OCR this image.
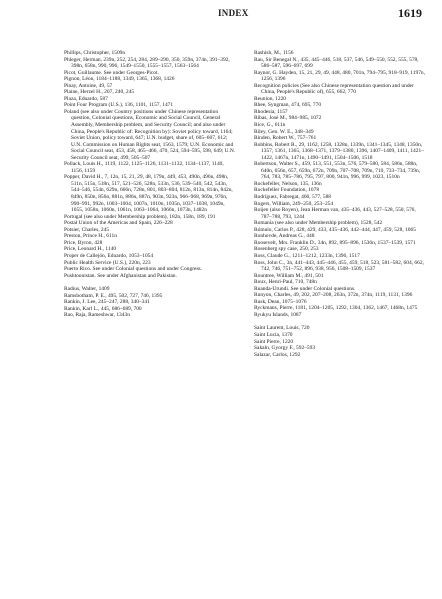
INDEX	1619

Phillips, Christopher, 1509n

Phleger, Herman, 239n, 252, 254, 284, 289–290, 350, 359n, 374n, 391–392, 398n, 658n, 990, 996, 1549–1550, 1555–1557, 1563–1564

Picot, Guillaume. See under Georges-Picot.

Pignon, Léon, 1184–1188, 1349, 1365, 1368, 1426

Pinay, Antoine, 49, 57

Plaine, Herzel H., 207, 240, 245

Plaza, Eduardo, 587

Point Four Program (U.S.), 136, 1101, 1157, 1471

Poland (see also under Country positions under Chinese representation question, Colonial questions, Economic and Social Council, General Assembly, Membership problem, and Security Council; and also under China, People's Republic of: Recognition by): Soviet policy toward, 1164; Soviet Union, policy toward, 647; U.N. budget, share of, 605–607, 612; U.N. Commission on Human Rights seat, 1563, 1579; U.N. Economic and Social Council seat, 453, 458, 465–466, 470, 524, 594–595, 598, 649; U.N. Security Council seat, 499, 505–507

Pollack, Louis H., 1119, 1122, 1125–1126, 1131–1132, 1134–1137, 1140, 1156, 1159

Popper, David H., 7, 12n, 15, 21, 29, 48, 179n, 449, 453, 490n, 496n, 498n, 511n, 515n, 518n, 517, 521–526, 528n, 533n, 536, 539–540, 542, 543n, 544–546, 554n, 629n, 666n, 728n, 801, 803–804, 812n, 813n, 814n, 842n, 849n, 850n, 856n, 881n, 886n, 887n, 903n, 923n, 966–968, 969n, 976n, 990–991, 992n, 1003–1004, 1007n, 1010n, 1035n, 1037–1038, 1049n, 1055, 1058n, 1060n, 1061n, 1063–1064, 1066n, 1073n, 1482n

Portugal (see also under Membership problem), 182n, 158n, 189, 191

Postal Union of the Americas and Spain, 226–228

Potsier, Charles, 245

Preston, Prince H., 611n

Price, Byron, 428

Price, Leonard H., 1140

Proper de Callejón, Eduardo, 1053–1054

Public Health Service (U.S.), 220n, 223

Puerto Rico. See under Colonial questions and under Congress.

Pushtoonistan. See under Afghanistan and Pakistan.

Radius, Walter, 1409

Ramsbotham, P. E., 495, 502, 727, 746, 1395

Rankin, J. Lee, 245–247, 288, 340–341

Rankin, Karl L., 445, 686–689, 700

Rao, Raja, Rameshwar, 1343n

Rashish, M., 1156

Rau, Sir Benegal N., 435, 445–446, 518, 537, 546, 549–550, 552, 555, 578, 586–587, 596–697, 699

Raynor, G. Hayden, 15, 21, 29, 49, 448, 480, 701n, 794–795, 918–919, 1197n, 1256, 1396

Recognition policies (See also Chinese representation question and under China, People's Republic of), 655, 662, 770

Reunion, 1220

Rhee, Syngman, 474, 695, 770

Rhodesia, 1157

Ribas, José M., 984–985, 1072

Rice, G., 611n

Riley, Gen. W. E., 348–349

Rinden, Robert W., 757–761

Robbins, Robert R., 29, 1162, 1258, 1328n, 1339n, 1341–1345, 1348, 1350n, 1357, 1361, 1365, 1368–1371, 1379–1380, 1396, 1407–1409, 1411, 1421–1422, 1467n, 1471n, 1490–1491, 1504–1506, 1518

Robertson, Walter S., 459, 513, 551, 553n, 576, 579–580, 584, 586n, 588n, 640n, 656n, 657, 659n, 672n, 709n, 707–708, 709n, 710, 733–734, 739n, 764, 783, 785–786, 795, 797, 800, 941n, 996, 999, 1023, 1510n

Rockefeller, Nelson, 135, 136n

Rockefeller Foundation, 1078

Rodríguez, Fabregat, 466, 577, 588

Rogers, William, 249–250, 253–254

Roijen (also Royen), Jean Herman van, 435–436, 443, 527–528, 550, 576, 787–788, 793, 1244

Romania (see also under Membership problem), 1528, 542

Rómulo, Carlos P., 428, 429, 433, 435–436, 442–444, 447, 459, 528, 1065

Ronhovde, Andreas G., 448

Roosevelt, Mrs. Franklin D., 34n, 892, 895–896, 1536n, 1537–1539, 1571

Rosenberg spy case, 250, 253

Ross, Claude G., 1211–1212, 1233n, 1396, 1517

Ross, John C., 3n, 441–443, 445–446, 455, 459, 518, 523, 581–582, 604, 662, 742, 746, 751–752, 896, 938, 956, 1508–1509, 1537

Rountree, William M., 491, 501

Roux, Henri-Paul, 710, 748n

Ruanda-Urundi. See under Colonial questions.

Runyon, Charles, 49, 202, 207–208, 263n, 372n, 374n, 1119, 1131, 1396

Rusk, Dean, 1075–1076

Ryckmans, Pierre, 1181, 1204–1205, 1292, 1304, 1362, 1467, 1468n, 1475

Ryukyu Islands, 1087

Saint Laurent, Louis, 720

Saint Lucia, 1370

Saint Pierre, 1220

Sakaln, Gyorgy F., 592–593

Salazar, Carlos, 1292
